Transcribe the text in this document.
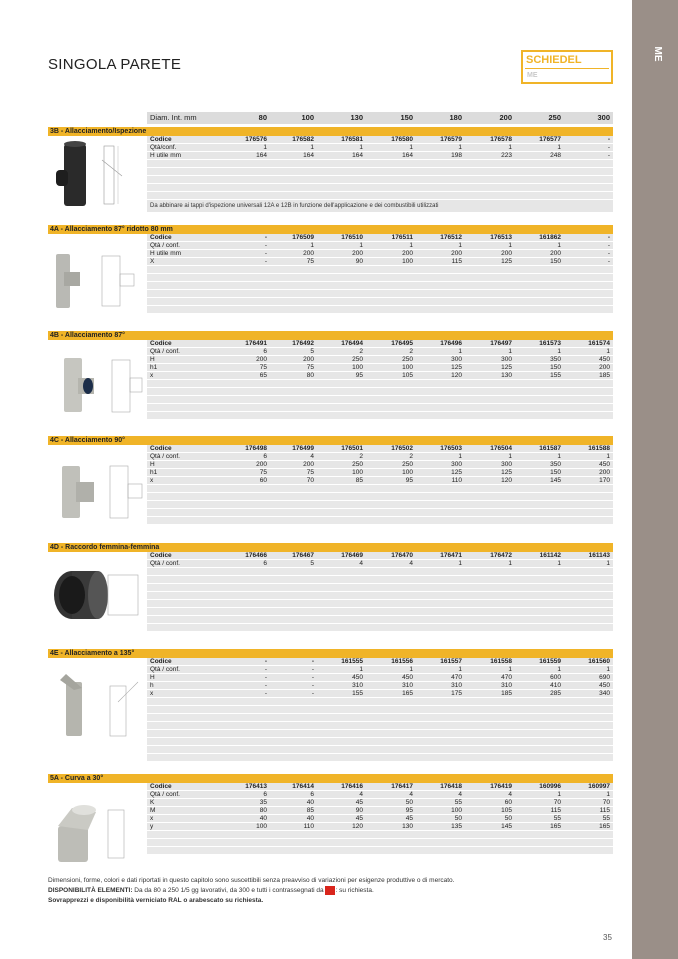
ME
SINGOLA PARETE	SCHIEDEL
ME
Diam. Int. mm	80	100	130	150	180	200	250	300
3B - Allacciamento/Ispezione
Codice	176576	176582	176581	176580	176579	176578	176577	-
Qtà/conf.	1	1	1	1	1	1	1	-
H utile mm	164	164	164	164	198	223	248	-
Da abbinare ai tappi d'ispezione universali 12A e 12B in funzione dell'applicazione e dei combustibili utilizzati
4A - Allacciamento 87° ridotto 80 mm
Codice	-	176509	176510	176511	176512	176513	161862	-
Qtà / conf.	-	1	1	1	1	1	1	-
H utile mm	-	200	200	200	200	200	200	-
X	-	75	90	100	115	125	150	-
4B - Allacciamento 87°
Codice	176491	176492	176494	176495	176496	176497	161573	161574
Qtà / conf.	6	5	2	2	1	1	1	1
H	200	200	250	250	300	300	350	450
h1	75	75	100	100	125	125	150	200
x	65	80	95	105	120	130	155	185
4C - Allacciamento 90°
Codice	176498	176499	176501	176502	176503	176504	161587	161588
Qtà / conf.	6	4	2	2	1	1	1	1
H	200	200	250	250	300	300	350	450
h1	75	75	100	100	125	125	150	200
x	60	70	85	95	110	120	145	170
4D - Raccordo femmina-femmina
Codice	176466	176467	176469	176470	176471	176472	161142	161143
Qtà / conf.	6	5	4	4	1	1	1	1
4E - Allacciamento a 135°
Codice	-	-	161555	161556	161557	161558	161559	161560
Qtà / conf.	-	-	1	1	1	1	1	1
H	-	-	450	450	470	470	600	690
h	-	-	310	310	310	310	410	450
x	-	-	155	165	175	185	285	340
5A - Curva a 30°
Codice	176413	176414	176416	176417	176418	176419	160996	160997
Qtà / conf.	6	6	4	4	4	4	1	1
K	35	40	45	50	55	60	70	70
M	80	85	90	95	100	105	115	115
x	40	40	45	45	50	50	55	55
y	100	110	120	130	135	145	165	165
Dimensioni, forme, colori e dati riportati in questo capitolo sono suscettibili senza preavviso di variazioni per esigenze produttive o di mercato.
DISPONIBILITÀ ELEMENTI: Da da 80 a 250 1/5 gg lavorativi, da 300 e tutti i contrassegnati da : su richiesta.
Sovrapprezzi e disponibilità verniciato RAL o arabescato su richiesta.
35
